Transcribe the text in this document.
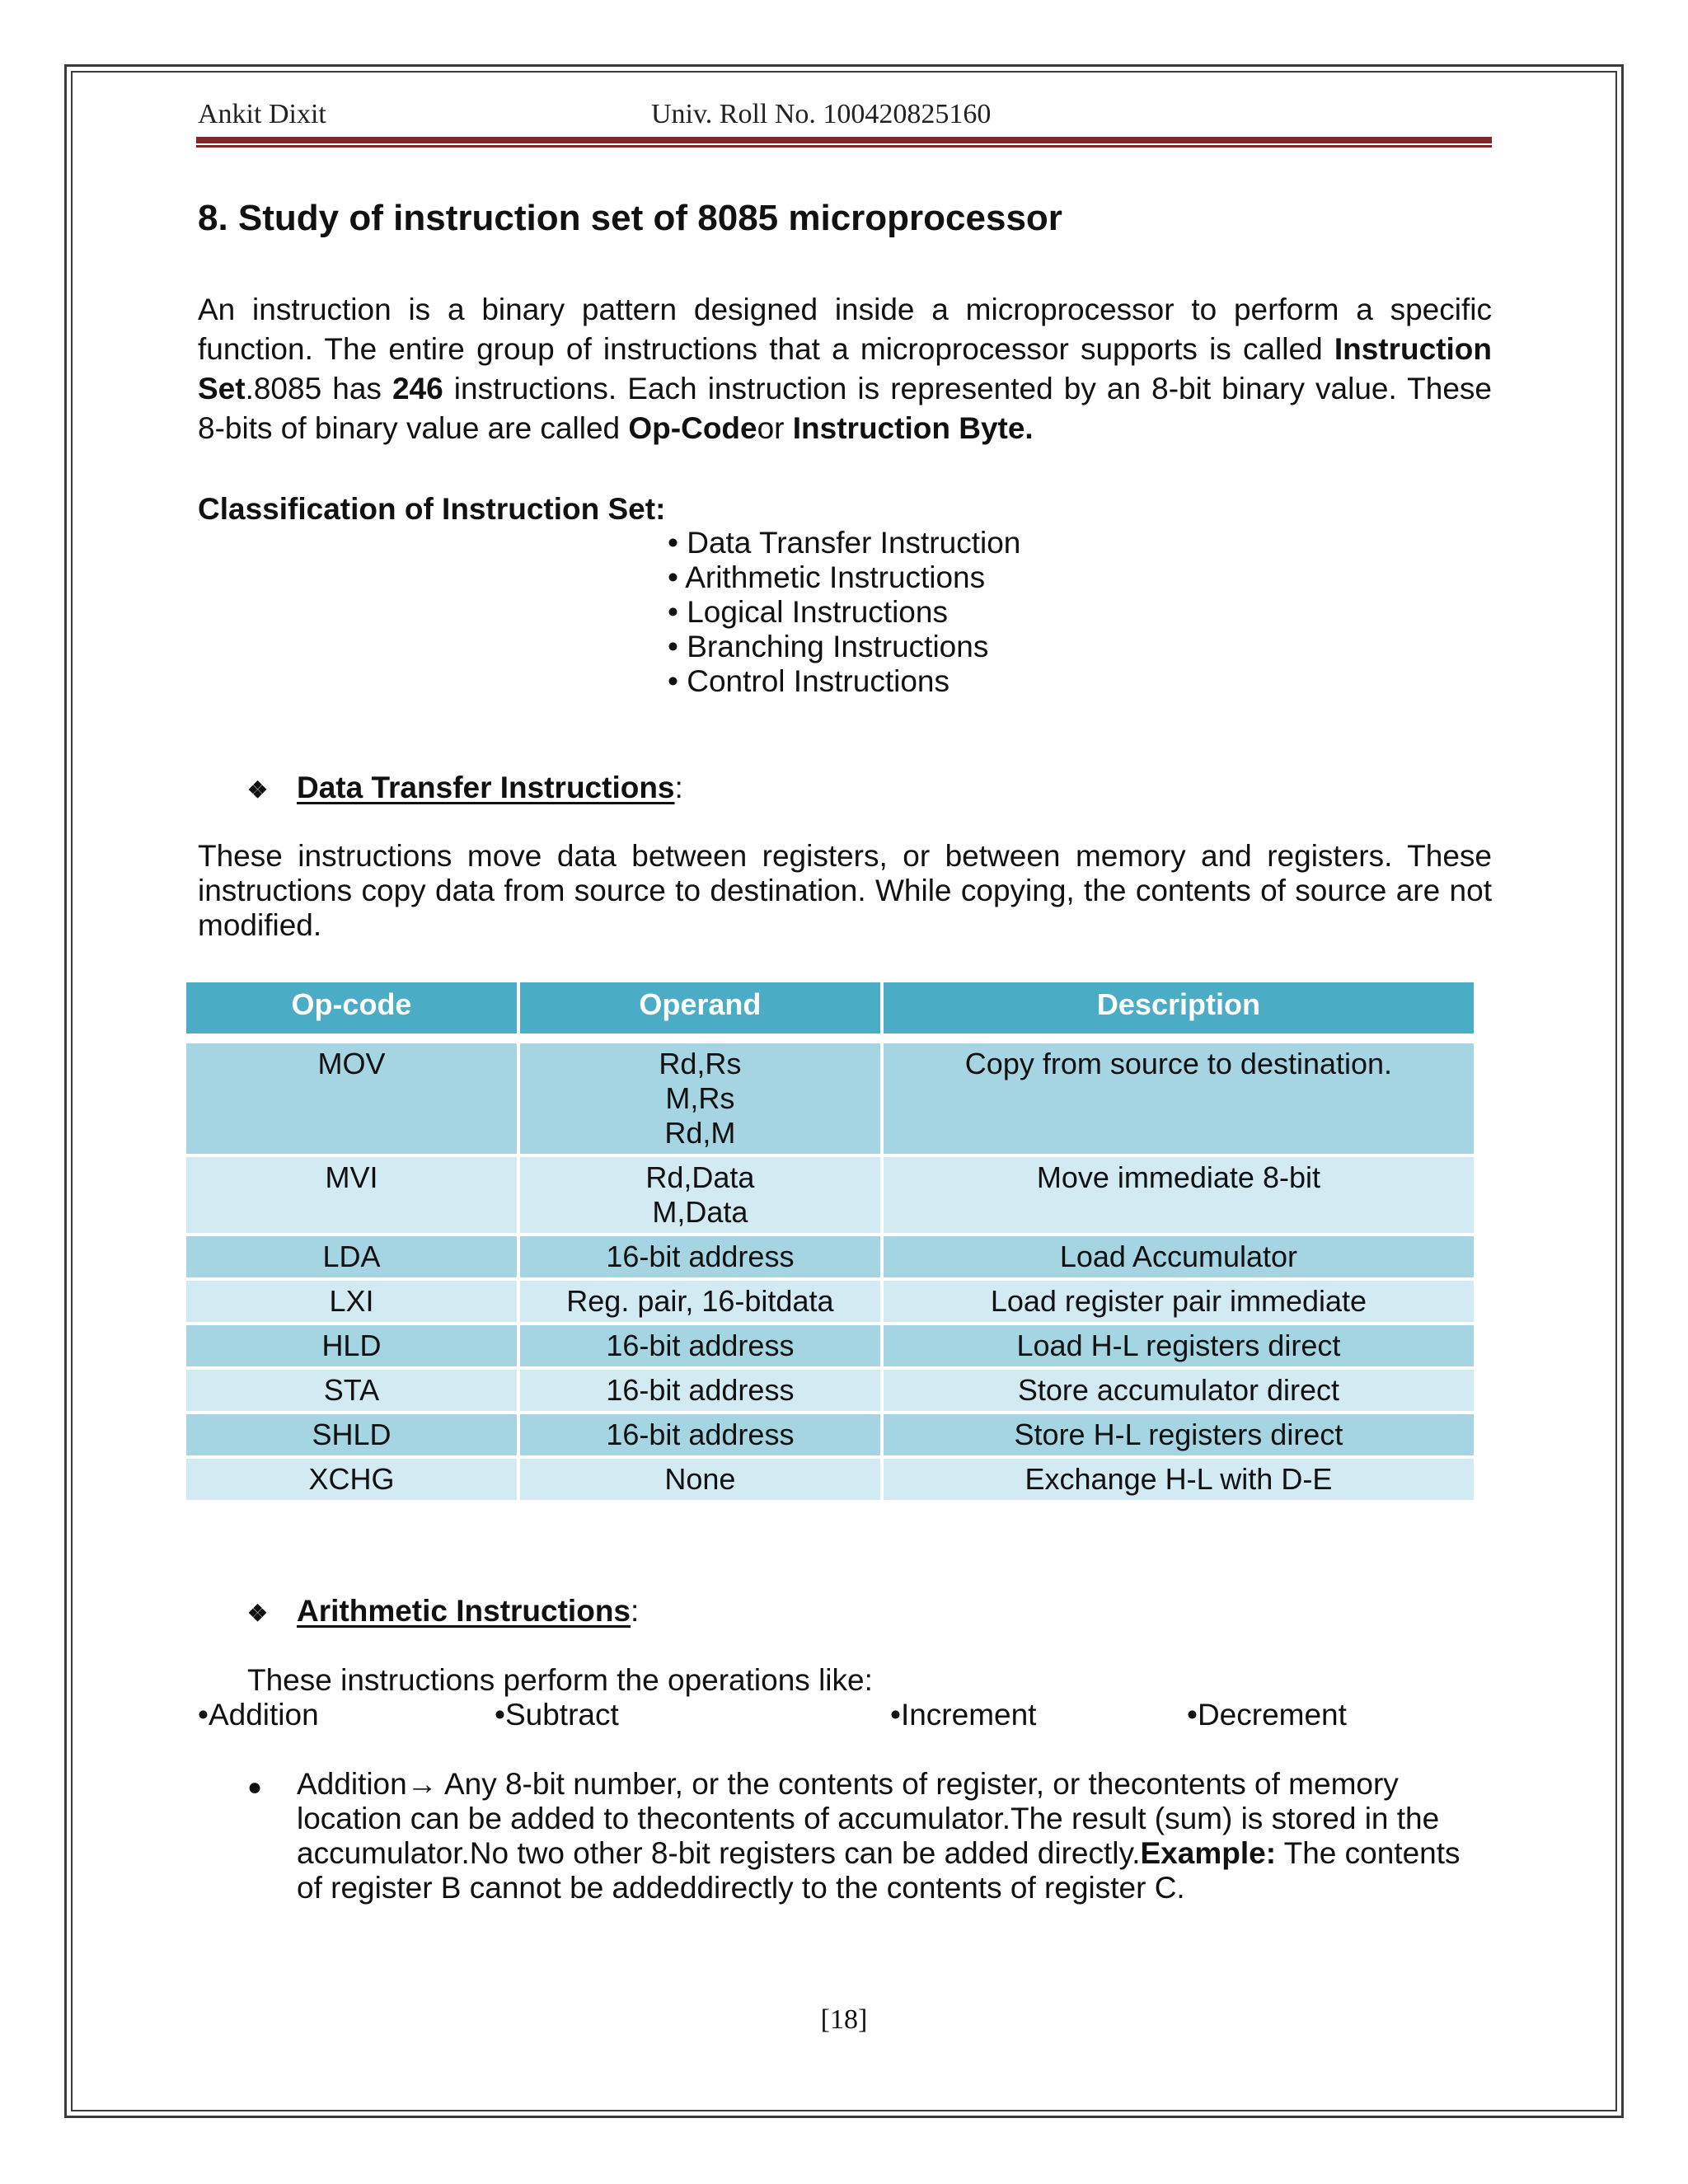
Ankit Dixit	Univ. Roll No. 100420825160
8. Study of instruction set of 8085 microprocessor

An instruction is a binary pattern designed inside a microprocessor to perform a specific function. The entire group of instructions that a microprocessor supports is called Instruction Set.8085 has 246 instructions. Each instruction is represented by an 8-bit binary value. These 8-bits of binary value are called Op-Codeor Instruction Byte.

Classification of Instruction Set:
• Data Transfer Instruction
• Arithmetic Instructions
• Logical Instructions
• Branching Instructions
• Control Instructions
❖ Data Transfer Instructions:

These instructions move data between registers, or between memory and registers. These instructions copy data from source to destination. While copying, the contents of source are not modified.

Op-code	Operand	Description

MOV	Rd,Rs
M,Rs
Rd,M	Copy from source to destination.
MVI	Rd,Data
M,Data	Move immediate 8-bit
LDA	16-bit address	Load Accumulator
LXI	Reg. pair, 16-bitdata	Load register pair immediate
HLD	16-bit address	Load H-L registers direct
STA	16-bit address	Store accumulator direct
SHLD	16-bit address	Store H-L registers direct
XCHG	None	Exchange H-L with D-E
❖ Arithmetic Instructions:
These instructions perform the operations like:
•Addition	•Subtract	•Increment	•Decrement
● Addition→ Any 8-bit number, or the contents of register, or thecontents of memory location can be added to thecontents of accumulator.The result (sum) is stored in the accumulator.No two other 8-bit registers can be added directly.Example: The contents of register B cannot be addeddirectly to the contents of register C.

[18]
